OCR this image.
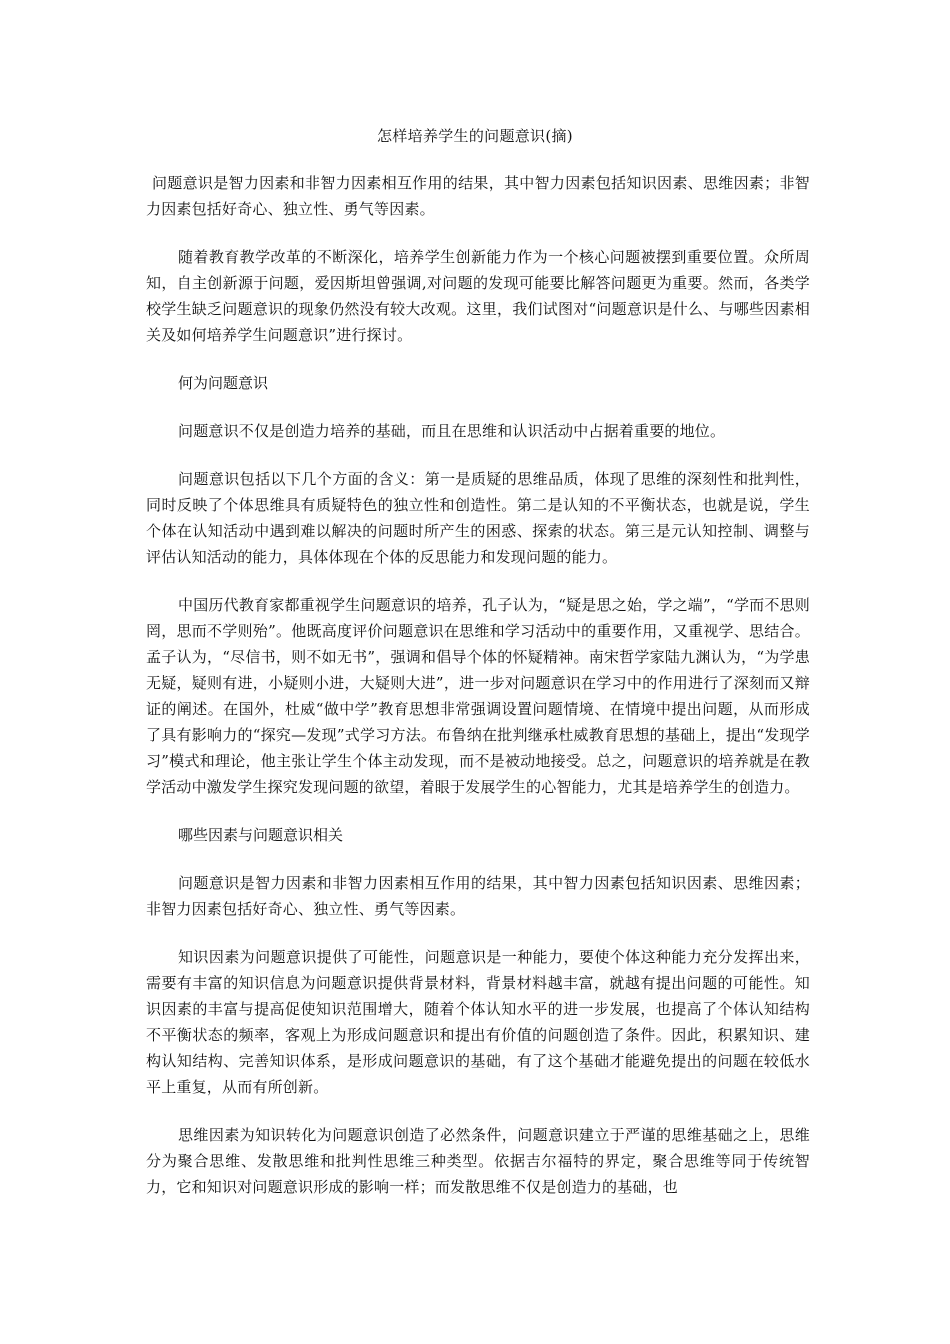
怎样培养学生的问题意识(摘)

问题意识是智力因素和非智力因素相互作用的结果，其中智力因素包括知识因素、思维因素；非智力因素包括好奇心、独立性、勇气等因素。

随着教育教学改革的不断深化，培养学生创新能力作为一个核心问题被摆到重要位置。众所周知，自主创新源于问题，爱因斯坦曾强调,对问题的发现可能要比解答问题更为重要。然而，各类学校学生缺乏问题意识的现象仍然没有较大改观。这里，我们试图对“问题意识是什么、与哪些因素相关及如何培养学生问题意识”进行探讨。

何为问题意识

问题意识不仅是创造力培养的基础，而且在思维和认识活动中占据着重要的地位。

问题意识包括以下几个方面的含义：第一是质疑的思维品质，体现了思维的深刻性和批判性，同时反映了个体思维具有质疑特色的独立性和创造性。第二是认知的不平衡状态，也就是说，学生个体在认知活动中遇到难以解决的问题时所产生的困惑、探索的状态。第三是元认知控制、调整与评估认知活动的能力，具体体现在个体的反思能力和发现问题的能力。

中国历代教育家都重视学生问题意识的培养，孔子认为，“疑是思之始，学之端”，“学而不思则罔，思而不学则殆”。他既高度评价问题意识在思维和学习活动中的重要作用，又重视学、思结合。孟子认为，“尽信书，则不如无书”，强调和倡导个体的怀疑精神。南宋哲学家陆九渊认为，“为学患无疑，疑则有进，小疑则小进，大疑则大进”，进一步对问题意识在学习中的作用进行了深刻而又辩证的阐述。在国外，杜威“做中学”教育思想非常强调设置问题情境、在情境中提出问题，从而形成了具有影响力的“探究—发现”式学习方法。布鲁纳在批判继承杜威教育思想的基础上，提出“发现学习”模式和理论，他主张让学生个体主动发现，而不是被动地接受。总之，问题意识的培养就是在教学活动中激发学生探究发现问题的欲望，着眼于发展学生的心智能力，尤其是培养学生的创造力。

哪些因素与问题意识相关

问题意识是智力因素和非智力因素相互作用的结果，其中智力因素包括知识因素、思维因素；非智力因素包括好奇心、独立性、勇气等因素。

知识因素为问题意识提供了可能性，问题意识是一种能力，要使个体这种能力充分发挥出来，需要有丰富的知识信息为问题意识提供背景材料，背景材料越丰富，就越有提出问题的可能性。知识因素的丰富与提高促使知识范围增大，随着个体认知水平的进一步发展，也提高了个体认知结构不平衡状态的频率，客观上为形成问题意识和提出有价值的问题创造了条件。因此，积累知识、建构认知结构、完善知识体系，是形成问题意识的基础，有了这个基础才能避免提出的问题在较低水平上重复，从而有所创新。

思维因素为知识转化为问题意识创造了必然条件，问题意识建立于严谨的思维基础之上，思维分为聚合思维、发散思维和批判性思维三种类型。依据吉尔福特的界定，聚合思维等同于传统智力，它和知识对问题意识形成的影响一样；而发散思维不仅是创造力的基础，也
